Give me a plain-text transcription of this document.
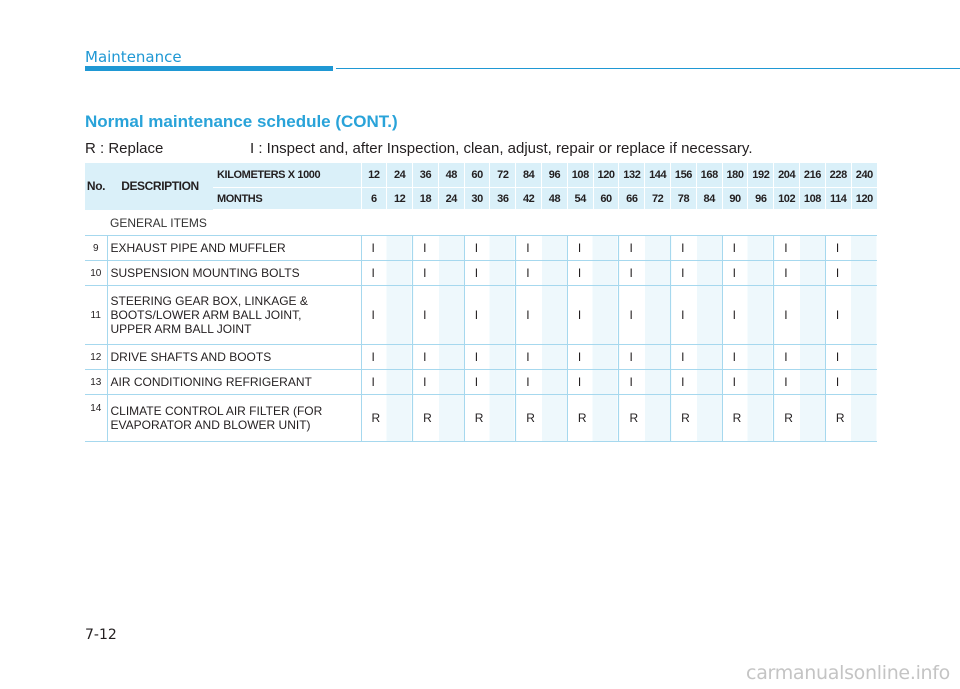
Maintenance
Normal maintenance schedule (CONT.)
R : Replace	I : Inspect and, after Inspection, clean, adjust, repair or replace if necessary.
No.	DESCRIPTION	KILOMETERS X 1000	12	24	36	48	60	72	84	96	108	120	132	144	156	168	180	192	204	216	228	240
		MONTHS	6	12	18	24	30	36	42	48	54	60	66	72	78	84	90	96	102	108	114	120
GENERAL ITEMS																						
9	EXHAUST PIPE AND MUFFLER		I		I		I		I		I		I		I		I		I		I	
10	SUSPENSION MOUNTING BOLTS		I		I		I		I		I		I		I		I		I		I	
11	STEERING GEAR BOX, LINKAGE &
BOOTS/LOWER ARM BALL JOINT,
UPPER ARM BALL JOINT		I		I		I		I		I		I		I		I		I		I	
12	DRIVE SHAFTS AND BOOTS		I		I		I		I		I		I		I		I		I		I	
13	AIR CONDITIONING REFRIGERANT		I		I		I		I		I		I		I		I		I		I	
14	CLIMATE CONTROL AIR FILTER (FOR
EVAPORATOR AND BLOWER UNIT)		R		R		R		R		R		R		R		R		R		R	
7-12
carmanualsonline.info
